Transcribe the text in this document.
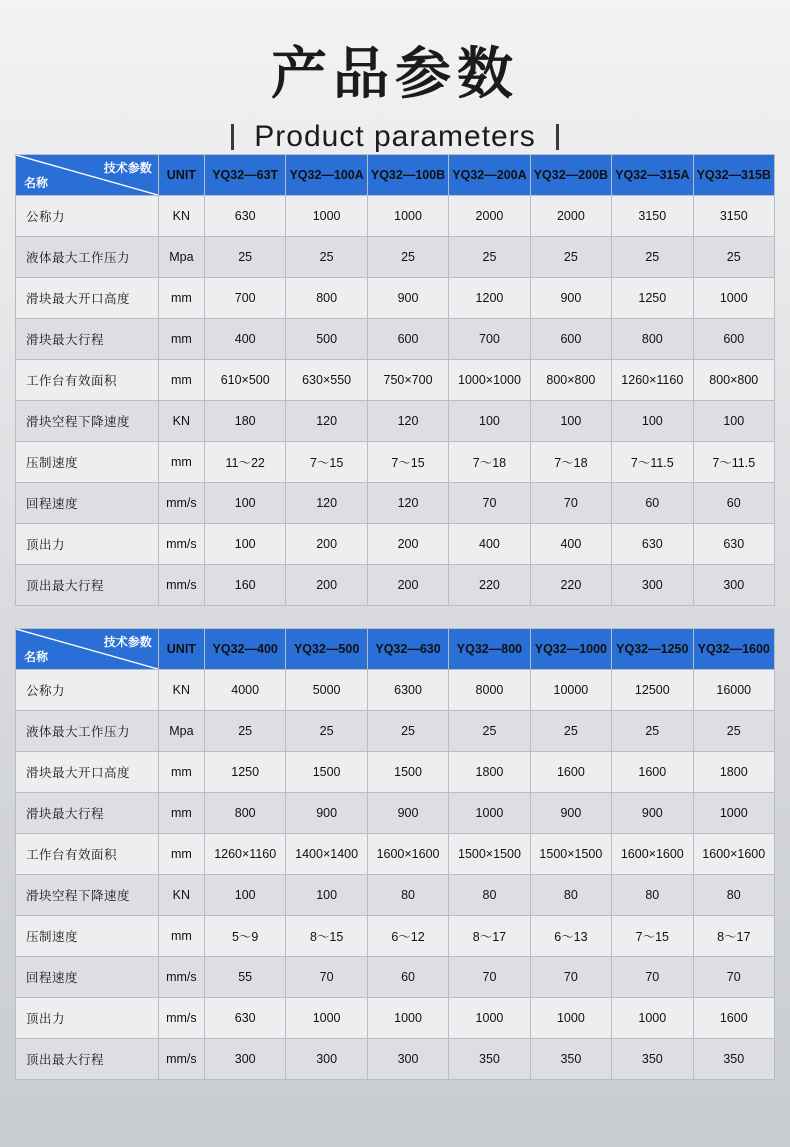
产品参数
Product parameters
技术参数
名称	UNIT	YQ32—63T	YQ32—100A	YQ32—100B	YQ32—200A	YQ32—200B	YQ32—315A	YQ32—315B
公称力	KN	630	1000	1000	2000	2000	3150	3150
液体最大工作压力	Mpa	25	25	25	25	25	25	25
滑块最大开口高度	mm	700	800	900	1200	900	1250	1000
滑块最大行程	mm	400	500	600	700	600	800	600
工作台有效面积	mm	610×500	630×550	750×700	1000×1000	800×800	1260×1160	800×800
滑块空程下降速度	KN	180	120	120	100	100	100	100
压制速度	mm	11～22	7～15	7～15	7～18	7～18	7～11.5	7～11.5
回程速度	mm/s	100	120	120	70	70	60	60
顶出力	mm/s	100	200	200	400	400	630	630
顶出最大行程	mm/s	160	200	200	220	220	300	300
技术参数
名称	UNIT	YQ32—400	YQ32—500	YQ32—630	YQ32—800	YQ32—1000	YQ32—1250	YQ32—1600
公称力	KN	4000	5000	6300	8000	10000	12500	16000
液体最大工作压力	Mpa	25	25	25	25	25	25	25
滑块最大开口高度	mm	1250	1500	1500	1800	1600	1600	1800
滑块最大行程	mm	800	900	900	1000	900	900	1000
工作台有效面积	mm	1260×1160	1400×1400	1600×1600	1500×1500	1500×1500	1600×1600	1600×1600
滑块空程下降速度	KN	100	100	80	80	80	80	80
压制速度	mm	5～9	8～15	6～12	8～17	6～13	7～15	8～17
回程速度	mm/s	55	70	60	70	70	70	70
顶出力	mm/s	630	1000	1000	1000	1000	1000	1600
顶出最大行程	mm/s	300	300	300	350	350	350	350
